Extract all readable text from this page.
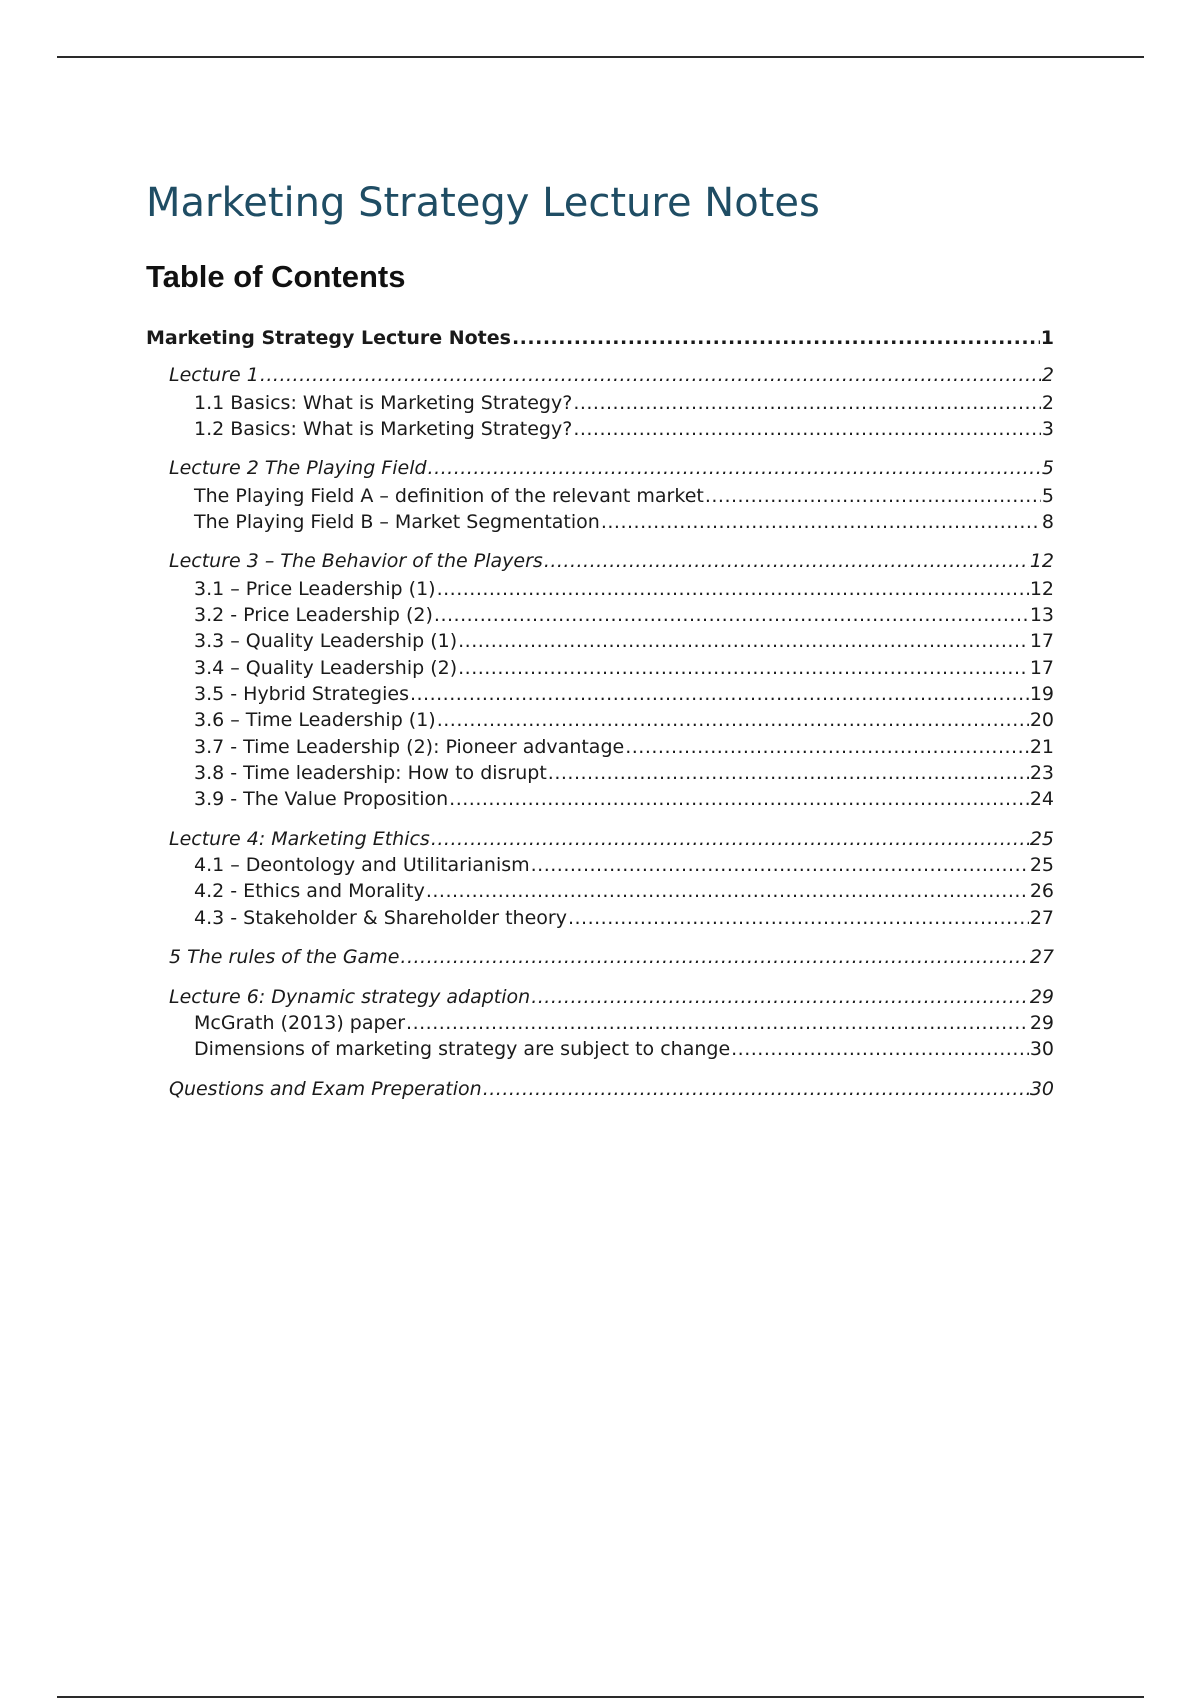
Marketing Strategy Lecture Notes
Table of Contents
Marketing Strategy Lecture Notes .....	1
Lecture 1 .....	2
1.1 Basics: What is Marketing Strategy? .....	2
1.2 Basics: What is Marketing Strategy? .....	3
Lecture 2 The Playing Field .....	5
The Playing Field A – definition of the relevant market .....	5
The Playing Field B – Market Segmentation .....	8
Lecture 3 – The Behavior of the Players .....	12
3.1 – Price Leadership (1) .....	12
3.2 - Price Leadership (2) .....	13
3.3 – Quality Leadership (1) .....	17
3.4 – Quality Leadership (2) .....	17
3.5 - Hybrid Strategies .....	19
3.6 – Time Leadership (1) .....	20
3.7 - Time Leadership (2): Pioneer advantage .....	21
3.8 - Time leadership: How to disrupt .....	23
3.9 - The Value Proposition .....	24
Lecture 4: Marketing Ethics .....	25
4.1 – Deontology and Utilitarianism .....	25
4.2 - Ethics and Morality .....	26
4.3 - Stakeholder & Shareholder theory .....	27
5 The rules of the Game .....	27
Lecture 6: Dynamic strategy adaption .....	29
McGrath (2013) paper .....	29
Dimensions of marketing strategy are subject to change .....	30
Questions and Exam Preperation .....	30
